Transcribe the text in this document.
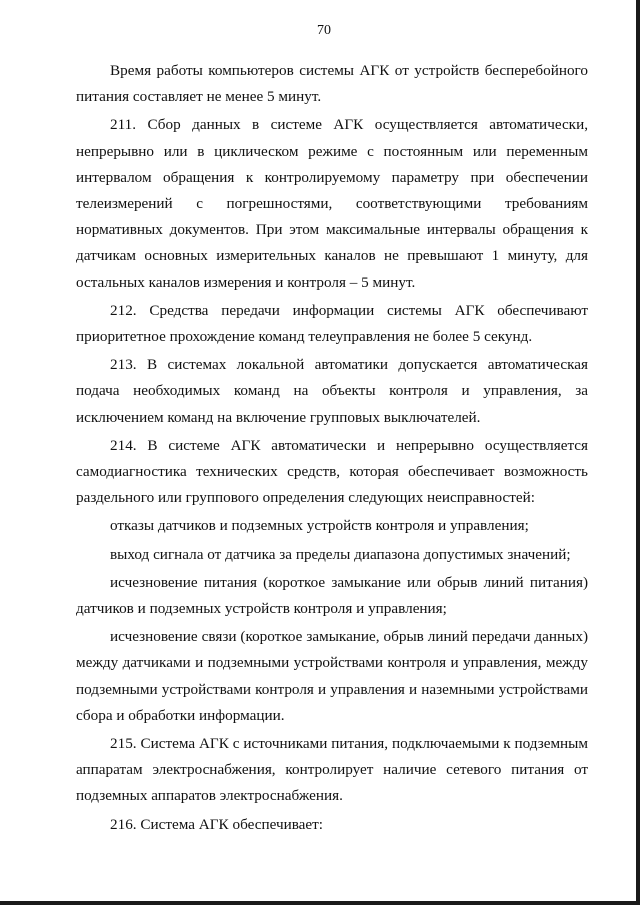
70

Время работы компьютеров системы АГК от устройств бесперебойного питания составляет не менее 5 минут.

211. Сбор данных в системе АГК осуществляется автоматически, непрерывно или в циклическом режиме с постоянным или переменным интервалом обращения к контролируемому параметру при обеспечении телеизмерений с погрешностями, соответствующими требованиям нормативных документов. При этом максимальные интервалы обращения к датчикам основных измерительных каналов не превышают 1 минуту, для остальных каналов измерения и контроля – 5 минут.

212. Средства передачи информации системы АГК обеспечивают приоритетное прохождение команд телеуправления не более 5 секунд.

213. В системах локальной автоматики допускается автоматическая подача необходимых команд на объекты контроля и управления, за исключением команд на включение групповых выключателей.

214. В системе АГК автоматически и непрерывно осуществляется самодиагностика технических средств, которая обеспечивает возможность раздельного или группового определения следующих неисправностей:

отказы датчиков и подземных устройств контроля и управления;

выход сигнала от датчика за пределы диапазона допустимых значений;

исчезновение питания (короткое замыкание или обрыв линий питания) датчиков и подземных устройств контроля и управления;

исчезновение связи (короткое замыкание, обрыв линий передачи данных) между датчиками и подземными устройствами контроля и управления, между подземными устройствами контроля и управления и наземными устройствами сбора и обработки информации.

215. Система АГК с источниками питания, подключаемыми к подземным аппаратам электроснабжения, контролирует наличие сетевого питания от подземных аппаратов электроснабжения.

216. Система АГК обеспечивает:
